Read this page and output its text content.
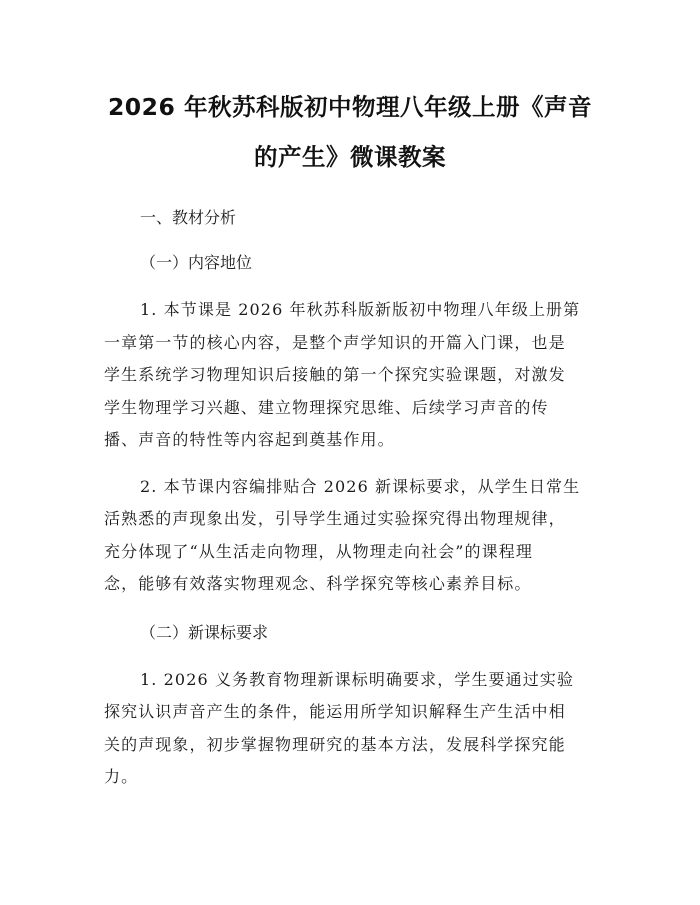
2026 年秋苏科版初中物理八年级上册《声音
的产生》微课教案

一、教材分析

（一）内容地位

1. 本节课是 2026 年秋苏科版新版初中物理八年级上册第
一章第一节的核心内容，是整个声学知识的开篇入门课，也是
学生系统学习物理知识后接触的第一个探究实验课题，对激发
学生物理学习兴趣、建立物理探究思维、后续学习声音的传
播、声音的特性等内容起到奠基作用。
2. 本节课内容编排贴合 2026 新课标要求，从学生日常生
活熟悉的声现象出发，引导学生通过实验探究得出物理规律，
充分体现了“从生活走向物理，从物理走向社会”的课程理
念，能够有效落实物理观念、科学探究等核心素养目标。

（二）新课标要求

1. 2026 义务教育物理新课标明确要求，学生要通过实验
探究认识声音产生的条件，能运用所学知识解释生产生活中相
关的声现象，初步掌握物理研究的基本方法，发展科学探究能
力。
